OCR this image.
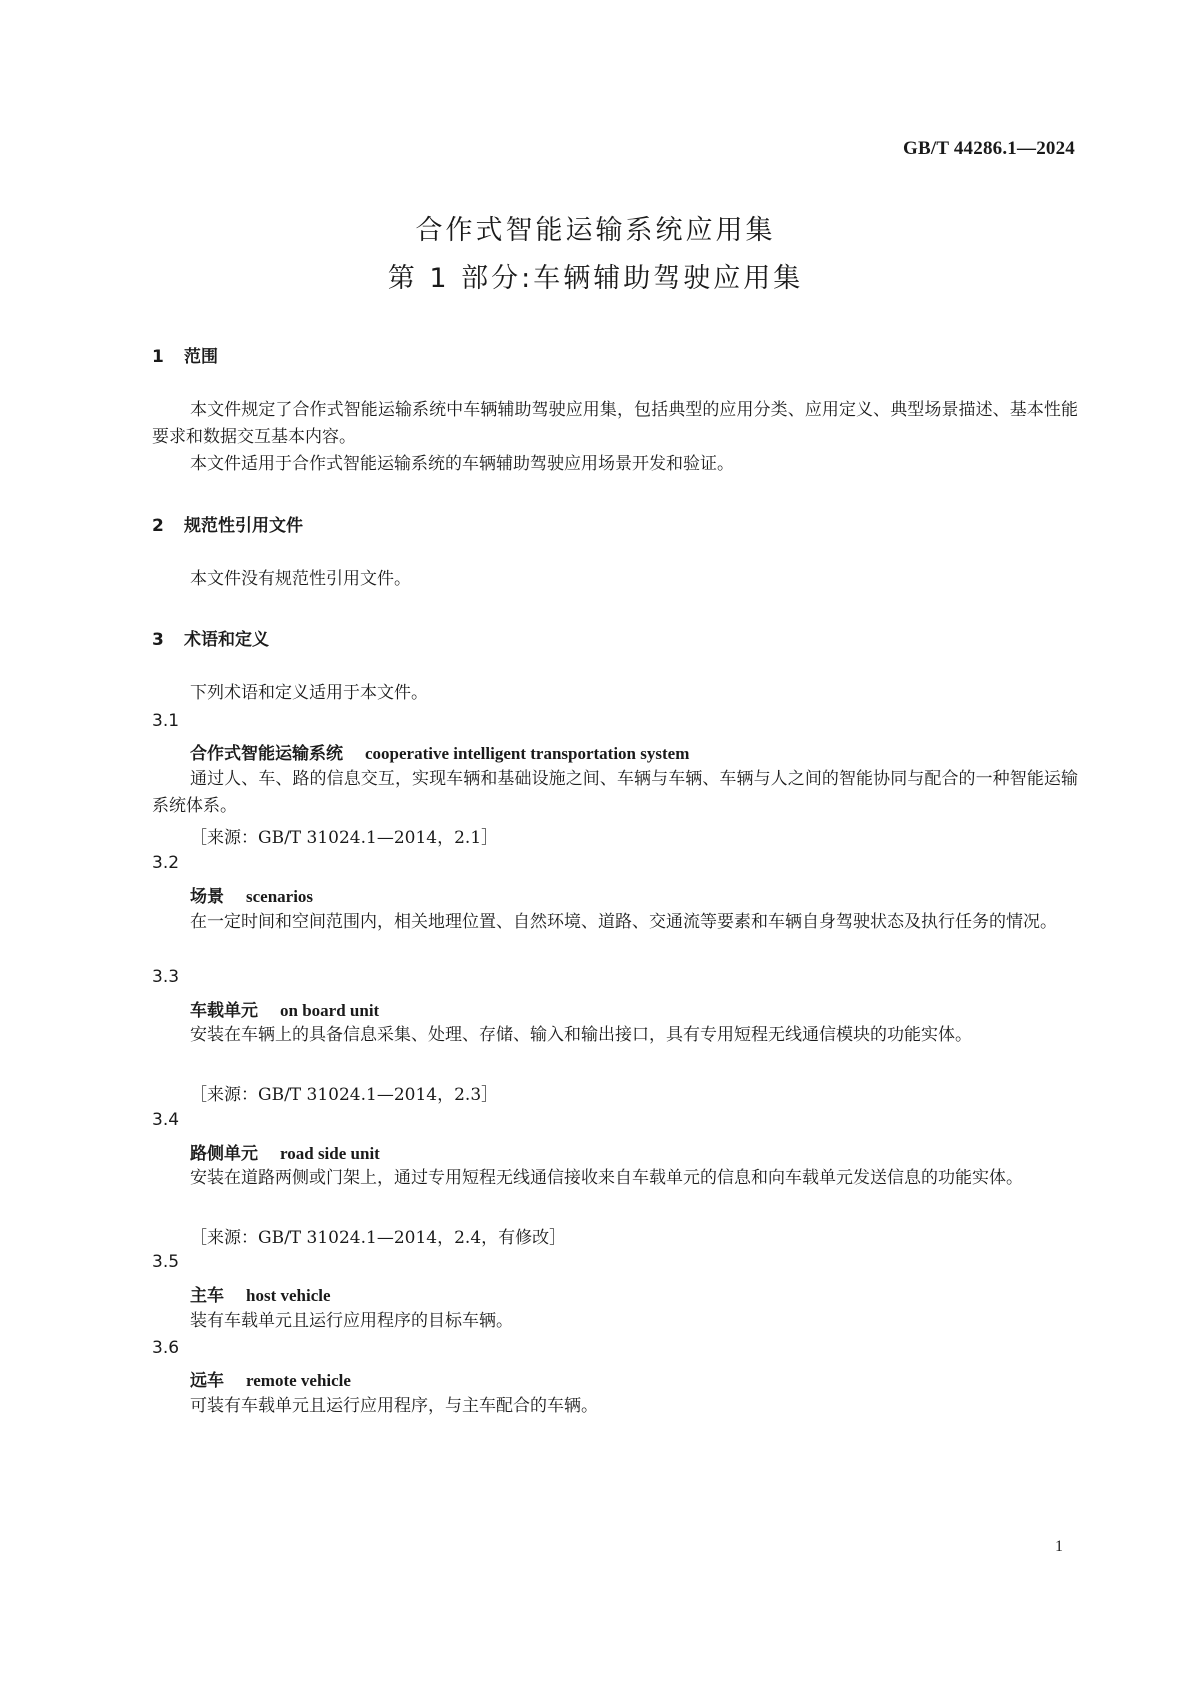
GB/T 44286.1—2024
合作式智能运输系统应用集
第 1 部分:车辆辅助驾驶应用集
1 范围
本文件规定了合作式智能运输系统中车辆辅助驾驶应用集，包括典型的应用分类、应用定义、典型场景描述、基本性能要求和数据交互基本内容。
本文件适用于合作式智能运输系统的车辆辅助驾驶应用场景开发和验证。
2 规范性引用文件
本文件没有规范性引用文件。
3 术语和定义
下列术语和定义适用于本文件。
3.1
合作式智能运输系统 cooperative intelligent transportation system
通过人、车、路的信息交互，实现车辆和基础设施之间、车辆与车辆、车辆与人之间的智能协同与配合的一种智能运输系统体系。
［来源：GB/T 31024.1—2014，2.1］
3.2
场景 scenarios
在一定时间和空间范围内，相关地理位置、自然环境、道路、交通流等要素和车辆自身驾驶状态及执行任务的情况。
3.3
车载单元 on board unit
安装在车辆上的具备信息采集、处理、存储、输入和输出接口，具有专用短程无线通信模块的功能实体。
［来源：GB/T 31024.1—2014，2.3］
3.4
路侧单元 road side unit
安装在道路两侧或门架上，通过专用短程无线通信接收来自车载单元的信息和向车载单元发送信息的功能实体。
［来源：GB/T 31024.1—2014，2.4，有修改］
3.5
主车 host vehicle
装有车载单元且运行应用程序的目标车辆。
3.6
远车 remote vehicle
可装有车载单元且运行应用程序，与主车配合的车辆。
1
